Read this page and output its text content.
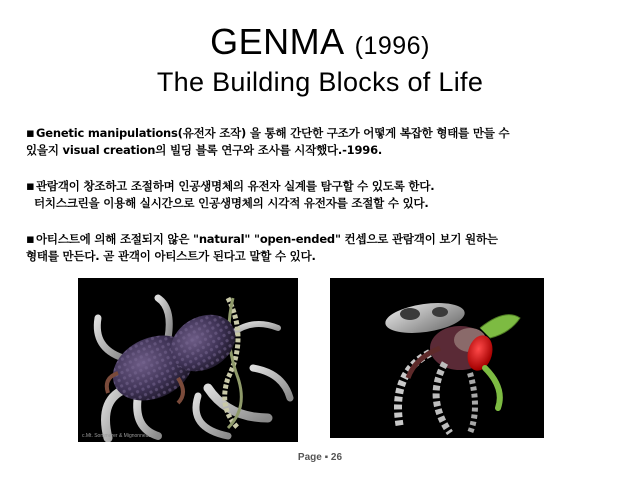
GENMA (1996)
The Building Blocks of Life
▪Genetic manipulations(유전자 조작) 을 통해 간단한 구조가 어떻게 복잡한 형태를 만들 수
있을지 visual creation의 빌딩 블록 연구와 조사를 시작했다.-1996.
▪관람객이 창조하고 조절하며 인공생명체의 유전자 실계를 탐구할 수 있도록 한다.
터치스크린을 이용해 실시간으로 인공생명체의 시각적 유전자를 조절할 수 있다.
▪아티스트에 의해 조절되지 않은 "natural" "open-ended" 컨셉으로 관람객이 보기 원하는
형태를 만든다. 곧 관객이 아티스트가 된다고 말할 수 있다.
c.Mt. Sommerer & Mignonneau
Page ▪ 26
